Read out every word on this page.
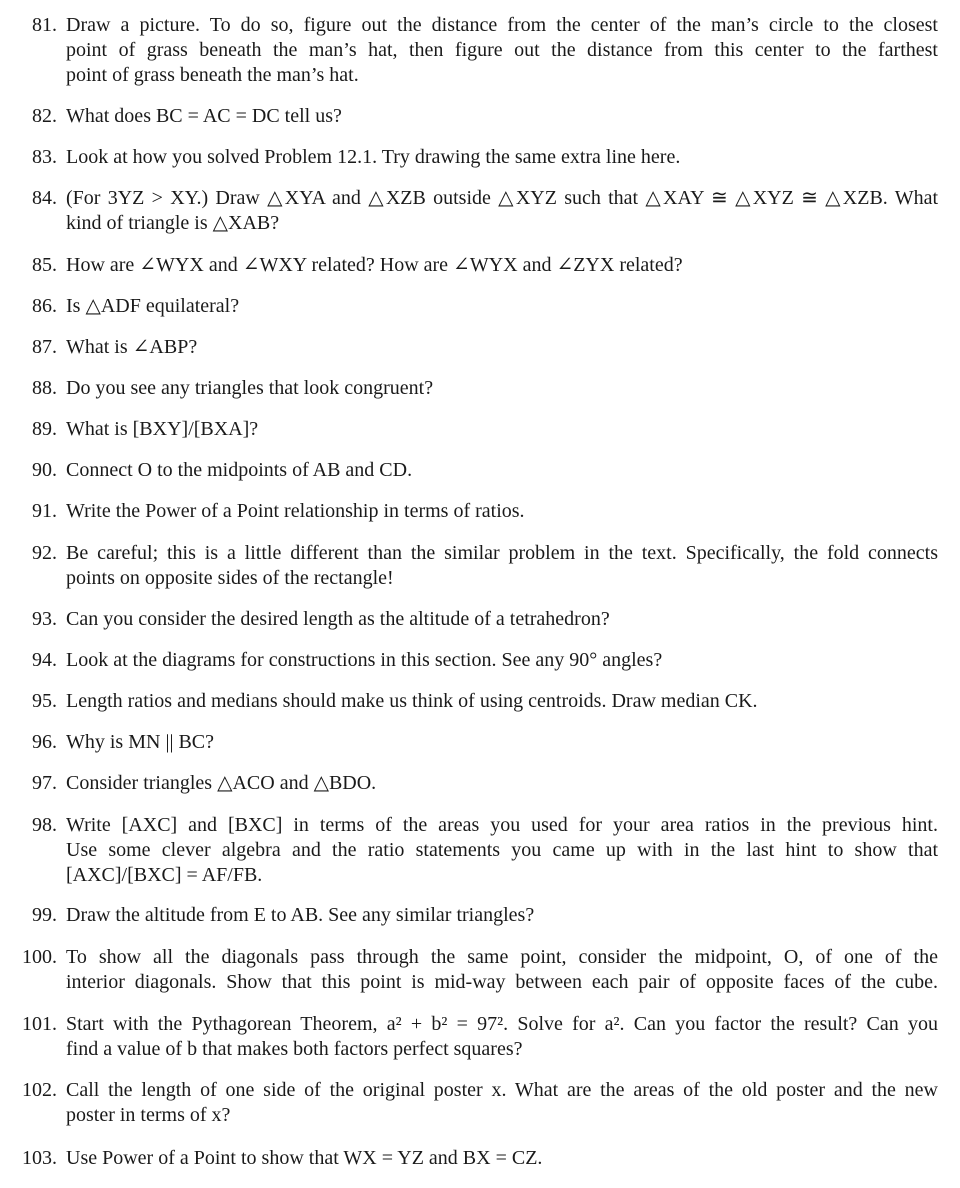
81. Draw a picture. To do so, figure out the distance from the center of the man’s circle to the closest
point of grass beneath the man’s hat, then figure out the distance from this center to the farthest
point of grass beneath the man’s hat.
82. What does BC = AC = DC tell us?
83. Look at how you solved Problem 12.1. Try drawing the same extra line here.
84. (For 3YZ > XY.) Draw △XYA and △XZB outside △XYZ such that △XAY ≅ △XYZ ≅ △XZB. What
kind of triangle is △XAB?
85. How are ∠WYX and ∠WXY related? How are ∠WYX and ∠ZYX related?
86. Is △ADF equilateral?
87. What is ∠ABP?
88. Do you see any triangles that look congruent?
89. What is [BXY]/[BXA]?
90. Connect O to the midpoints of AB and CD.
91. Write the Power of a Point relationship in terms of ratios.
92. Be careful; this is a little different than the similar problem in the text. Specifically, the fold connects
points on opposite sides of the rectangle!
93. Can you consider the desired length as the altitude of a tetrahedron?
94. Look at the diagrams for constructions in this section. See any 90° angles?
95. Length ratios and medians should make us think of using centroids. Draw median CK.
96. Why is MN || BC?
97. Consider triangles △ACO and △BDO.
98. Write [AXC] and [BXC] in terms of the areas you used for your area ratios in the previous hint.
Use some clever algebra and the ratio statements you came up with in the last hint to show that
[AXC]/[BXC] = AF/FB.
99. Draw the altitude from E to AB. See any similar triangles?
100. To show all the diagonals pass through the same point, consider the midpoint, O, of one of the
interior diagonals. Show that this point is mid-way between each pair of opposite faces of the cube.
101. Start with the Pythagorean Theorem, a² + b² = 97². Solve for a². Can you factor the result? Can you
find a value of b that makes both factors perfect squares?
102. Call the length of one side of the original poster x. What are the areas of the old poster and the new
poster in terms of x?
103. Use Power of a Point to show that WX = YZ and BX = CZ.
